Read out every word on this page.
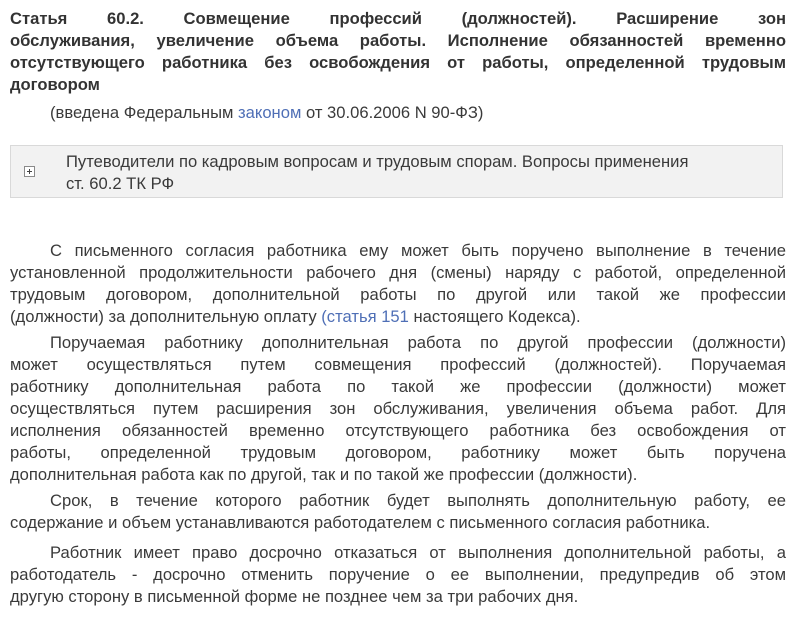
Статья 60.2. Совмещение профессий (должностей). Расширение зон
обслуживания, увеличение объема работы. Исполнение обязанностей временно
отсутствующего работника без освобождения от работы, определенной трудовым
договором
(введена Федеральным законом от 30.06.2006 N 90-ФЗ)
Путеводители по кадровым вопросам и трудовым спорам. Вопросы применения
ст. 60.2 ТК РФ
С письменного согласия работника ему может быть поручено выполнение в течение
установленной продолжительности рабочего дня (смены) наряду с работой, определенной
трудовым договором, дополнительной работы по другой или такой же профессии
(должности) за дополнительную оплату (статья 151 настоящего Кодекса).
Поручаемая работнику дополнительная работа по другой профессии (должности)
может осуществляться путем совмещения профессий (должностей). Поручаемая
работнику дополнительная работа по такой же профессии (должности) может
осуществляться путем расширения зон обслуживания, увеличения объема работ. Для
исполнения обязанностей временно отсутствующего работника без освобождения от
работы, определенной трудовым договором, работнику может быть поручена
дополнительная работа как по другой, так и по такой же профессии (должности).
Срок, в течение которого работник будет выполнять дополнительную работу, ее
содержание и объем устанавливаются работодателем с письменного согласия работника.
Работник имеет право досрочно отказаться от выполнения дополнительной работы, а
работодатель - досрочно отменить поручение о ее выполнении, предупредив об этом
другую сторону в письменной форме не позднее чем за три рабочих дня.
